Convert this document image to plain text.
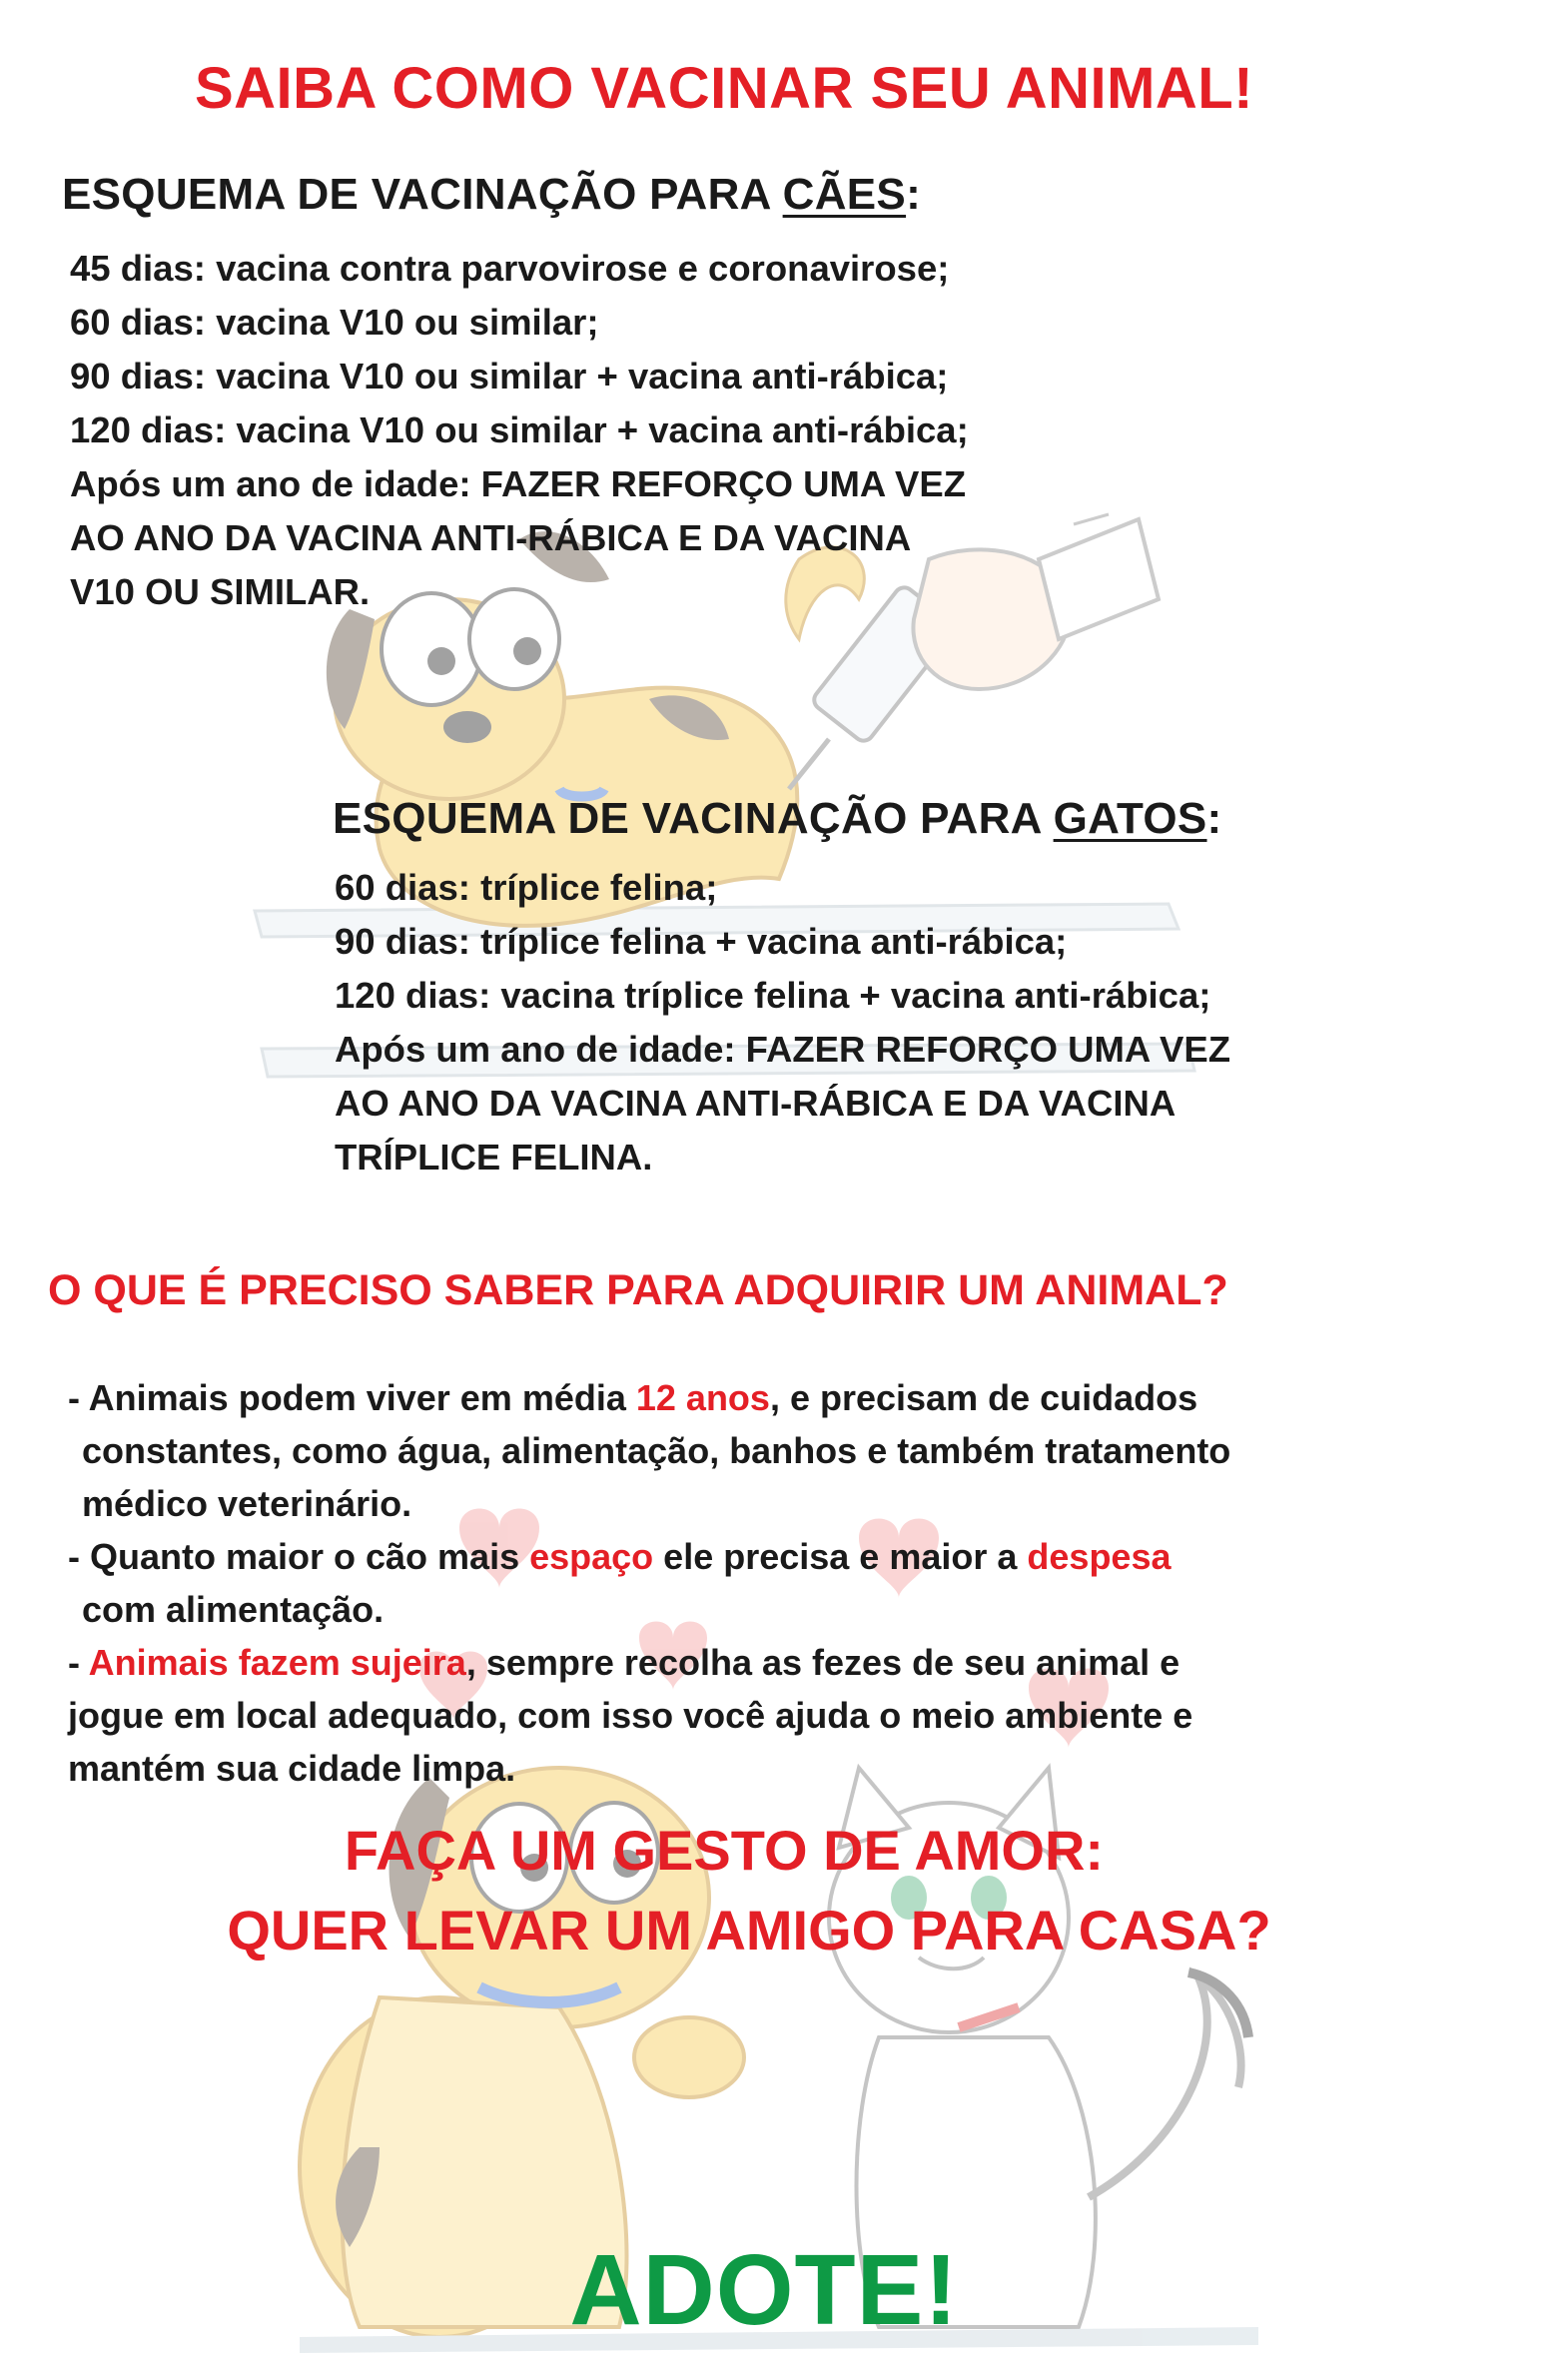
SAIBA COMO VACINAR SEU ANIMAL!
ESQUEMA DE VACINAÇÃO PARA CÃES:
45 dias: vacina contra parvovirose e coronavirose;
60 dias: vacina V10 ou similar;
90 dias: vacina V10 ou similar + vacina anti-rábica;
120 dias: vacina V10 ou similar + vacina anti-rábica;
Após um ano de idade: FAZER REFORÇO UMA VEZ
AO ANO DA VACINA ANTI-RÁBICA E DA VACINA
V10 OU SIMILAR.
ESQUEMA DE VACINAÇÃO PARA GATOS:
60 dias: tríplice felina;
90 dias: tríplice felina + vacina anti-rábica;
120 dias: vacina tríplice felina + vacina anti-rábica;
Após um ano de idade: FAZER REFORÇO UMA VEZ
AO ANO DA VACINA ANTI-RÁBICA E DA VACINA
TRÍPLICE FELINA.
O QUE É PRECISO SABER PARA ADQUIRIR UM ANIMAL?
- Animais podem viver em média 12 anos, e precisam de cuidados
constantes, como água, alimentação, banhos e também tratamento
médico veterinário.
- Quanto maior o cão mais espaço ele precisa e maior a despesa
com alimentação.
- Animais fazem sujeira, sempre recolha as fezes de seu animal e
jogue em local adequado, com isso você ajuda o meio ambiente e
mantém sua cidade limpa.
FAÇA UM GESTO DE AMOR:
QUER LEVAR UM AMIGO PARA CASA?
ADOTE!
